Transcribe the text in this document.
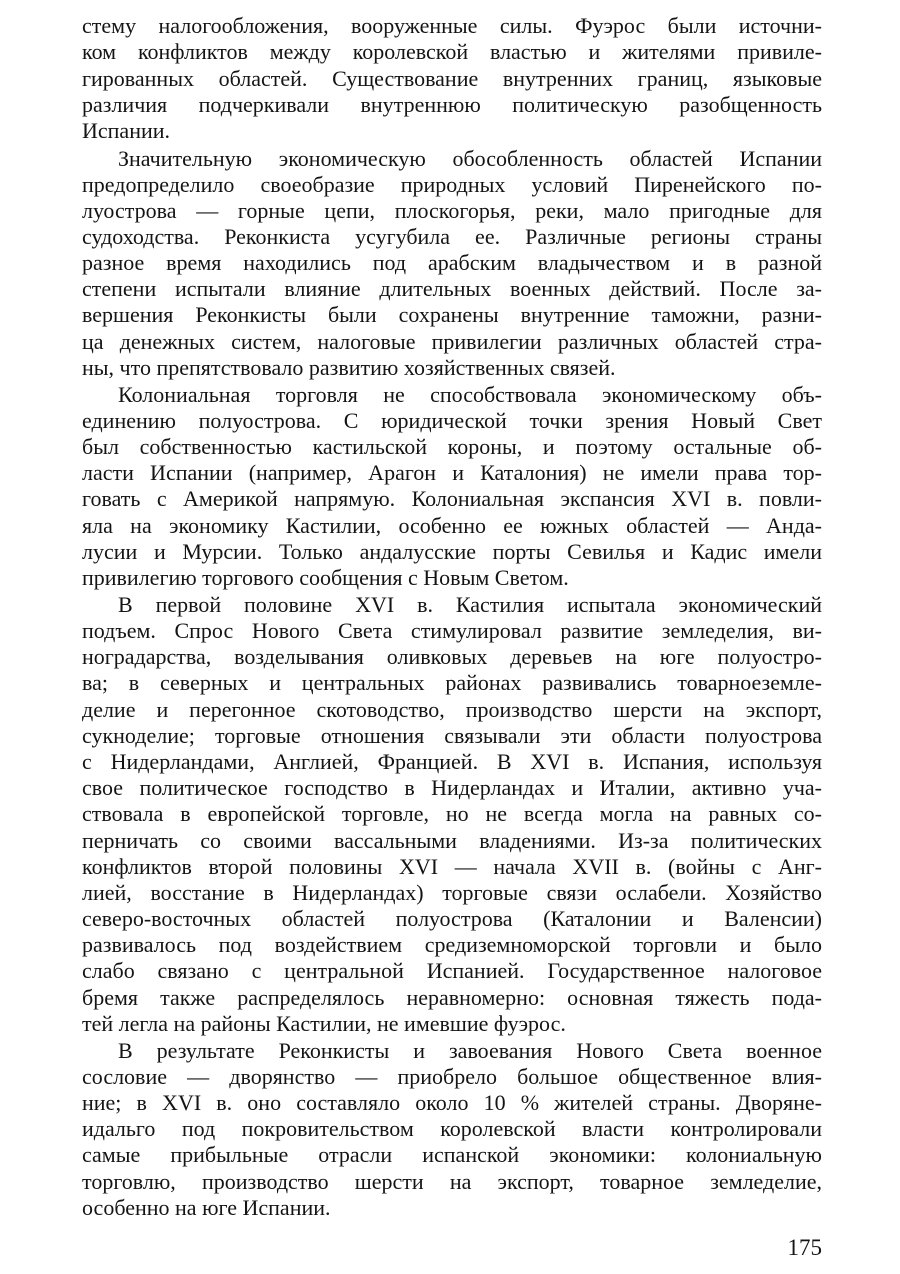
стему налогообложения, вооруженные силы. Фуэрос были источни-

ком конфликтов между королевской властью и жителями привиле-

гированных областей. Существование внутренних границ, языковые

различия подчеркивали внутреннюю политическую разобщенность

Испании.

Значительную экономическую обособленность областей Испании

предопределило своеобразие природных условий Пиренейского по-

луострова — горные цепи, плоскогорья, реки, мало пригодные для

судоходства. Реконкиста усугубила ее. Различные регионы страны

разное время находились под арабским владычеством и в разной

степени испытали влияние длительных военных действий. После за-

вершения Реконкисты были сохранены внутренние таможни, разни-

ца денежных систем, налоговые привилегии различных областей стра-

ны, что препятствовало развитию хозяйственных связей.

Колониальная торговля не способствовала экономическому объ-

единению полуострова. С юридической точки зрения Новый Свет

был собственностью кастильской короны, и поэтому остальные об-

ласти Испании (например, Арагон и Каталония) не имели права тор-

говать с Америкой напрямую. Колониальная экспансия XVI в. повли-

яла на экономику Кастилии, особенно ее южных областей — Анда-

лусии и Мурсии. Только андалусские порты Севилья и Кадис имели

привилегию торгового сообщения с Новым Светом.

В первой половине XVI в. Кастилия испытала экономический

подъем. Спрос Нового Света стимулировал развитие земледелия, ви-

ноградарства, возделывания оливковых деревьев на юге полуостро-

ва; в северных и центральных районах развивались товарноеземле-

делие и перегонное скотоводство, производство шерсти на экспорт,

сукноделие; торговые отношения связывали эти области полуострова

с Нидерландами, Англией, Францией. В XVI в. Испания, используя

свое политическое господство в Нидерландах и Италии, активно уча-

ствовала в европейской торговле, но не всегда могла на равных со-

перничать со своими вассальными владениями. Из-за политических

конфликтов второй половины XVI — начала XVII в. (войны с Анг-

лией, восстание в Нидерландах) торговые связи ослабели. Хозяйство

северо-восточных областей полуострова (Каталонии и Валенсии)

развивалось под воздействием средиземноморской торговли и было

слабо связано с центральной Испанией. Государственное налоговое

бремя также распределялось неравномерно: основная тяжесть пода-

тей легла на районы Кастилии, не имевшие фуэрос.

В результате Реконкисты и завоевания Нового Света военное

сословие — дворянство — приобрело большое общественное влия-

ние; в XVI в. оно составляло около 10 % жителей страны. Дворяне-

идальго под покровительством королевской власти контролировали

самые прибыльные отрасли испанской экономики: колониальную

торговлю, производство шерсти на экспорт, товарное земледелие,

особенно на юге Испании.

175
